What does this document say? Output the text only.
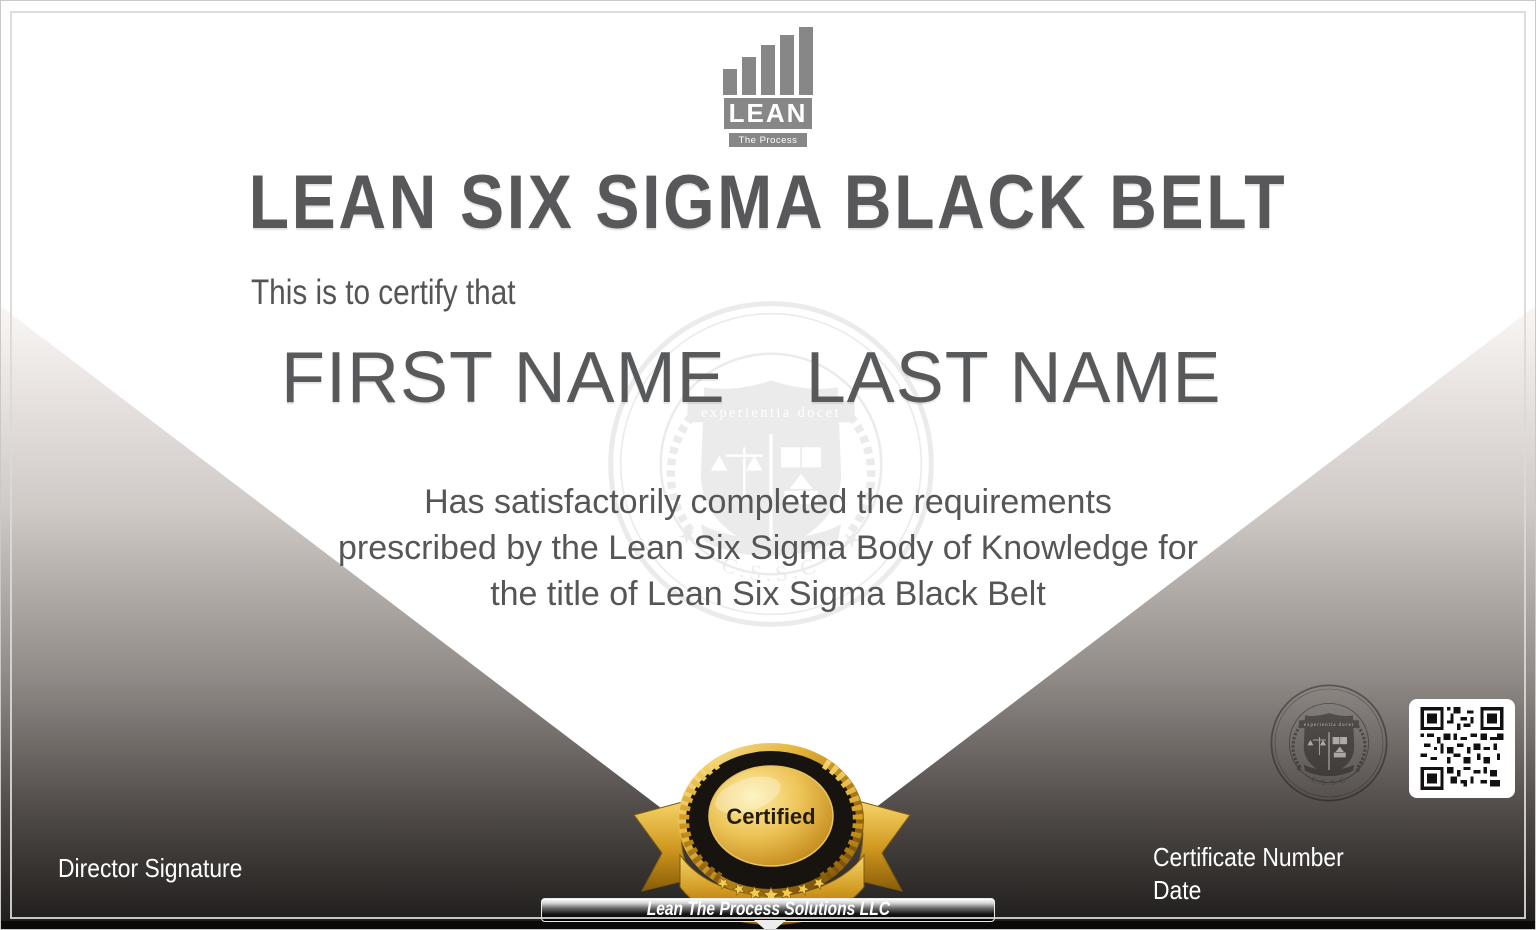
LEAN
The Process
LEAN SIX SIGMA BLACK BELT
This is to certify that
FIRST NAME LAST NAME
Has satisfactorily completed the requirements
prescribed by the Lean Six Sigma Body of Knowledge for
the title of Lean Six Sigma Black Belt
Certified
Director Signature	Certificate Number
Date
Lean The Process Solutions LLC
